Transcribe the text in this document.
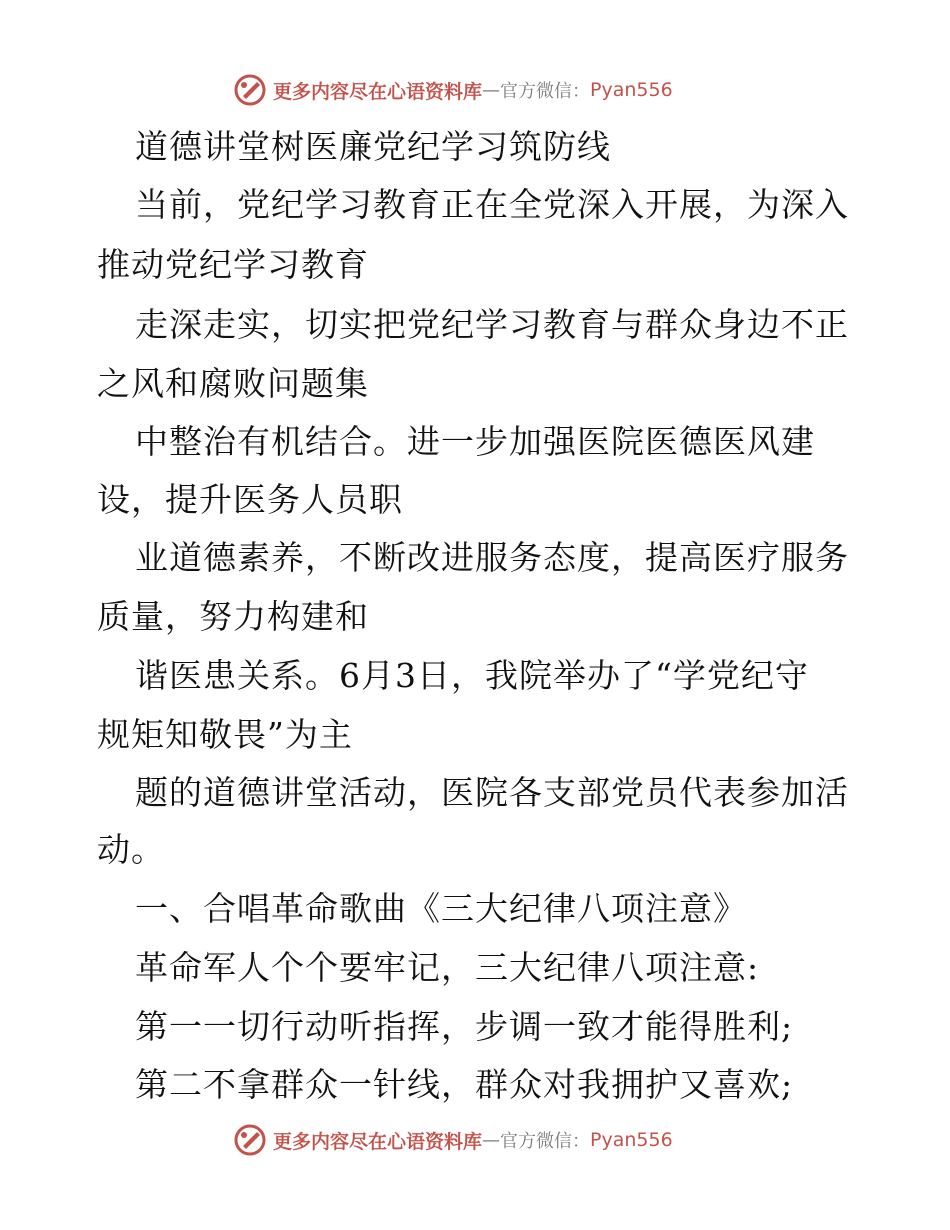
更多内容尽在心语资料库 — 官方微信 ： Pyan556
道德讲堂树医廉党纪学习筑防线
当前，党纪学习教育正在全党深入开展，为深入
推动党纪学习教育
走深走实，切实把党纪学习教育与群众身边不正
之风和腐败问题集
中整治有机结合。进一步加强医院医德医风建
设，提升医务人员职
业道德素养，不断改进服务态度，提高医疗服务
质量，努力构建和
谐医患关系。6月3日，我院举办了“学党纪守
规矩知敬畏”为主
题的道德讲堂活动，医院各支部党员代表参加活
动。
一、合唱革命歌曲《三大纪律八项注意》
革命军人个个要牢记，三大纪律八项注意:
第一一切行动听指挥，步调一致才能得胜利;
第二不拿群众一针线，群众对我拥护又喜欢;
更多内容尽在心语资料库 — 官方微信 ： Pyan556
